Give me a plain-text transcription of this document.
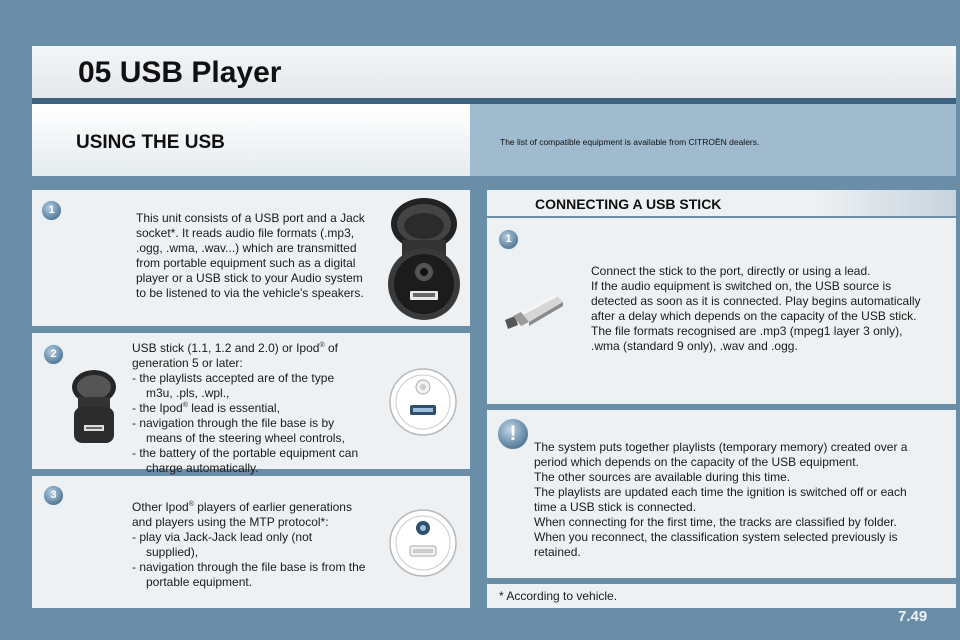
05 USB Player
USING THE USB	The list of compatible equipment is available from CITROËN dealers.
1
This unit consists of a USB port and a Jack socket*. It reads audio file formats (.mp3, .ogg, .wma, .wav...) which are transmitted from portable equipment such as a digital player or a USB stick to your Audio system to be listened to via the vehicle's speakers.
2	USB stick (1.1, 1.2 and 2.0) or Ipod® of generation 5 or later:

- the playlists accepted are of the type m3u, .pls, .wpl.,

- the Ipod® lead is essential,

- navigation through the file base is by means of the steering wheel controls,

- the battery of the portable equipment can charge automatically.

3

Other Ipod® players of earlier generations and players using the MTP protocol*:

- play via Jack-Jack lead only (not supplied),

- navigation through the file base is from the portable equipment.

CONNECTING A USB STICK
1

Connect the stick to the port, directly or using a lead.

If the audio equipment is switched on, the USB source is detected as soon as it is connected. Play begins automatically after a delay which depends on the capacity of the USB stick.

The file formats recognised are .mp3 (mpeg1 layer 3 only), .wma (standard 9 only), .wav and .ogg.

!

The system puts together playlists (temporary memory) created over a period which depends on the capacity of the USB equipment.

The other sources are available during this time.

The playlists are updated each time the ignition is switched off or each time a USB stick is connected.

When connecting for the first time, the tracks are classified by folder. When you reconnect, the classification system selected previously is retained.

* According to vehicle.
7.49
